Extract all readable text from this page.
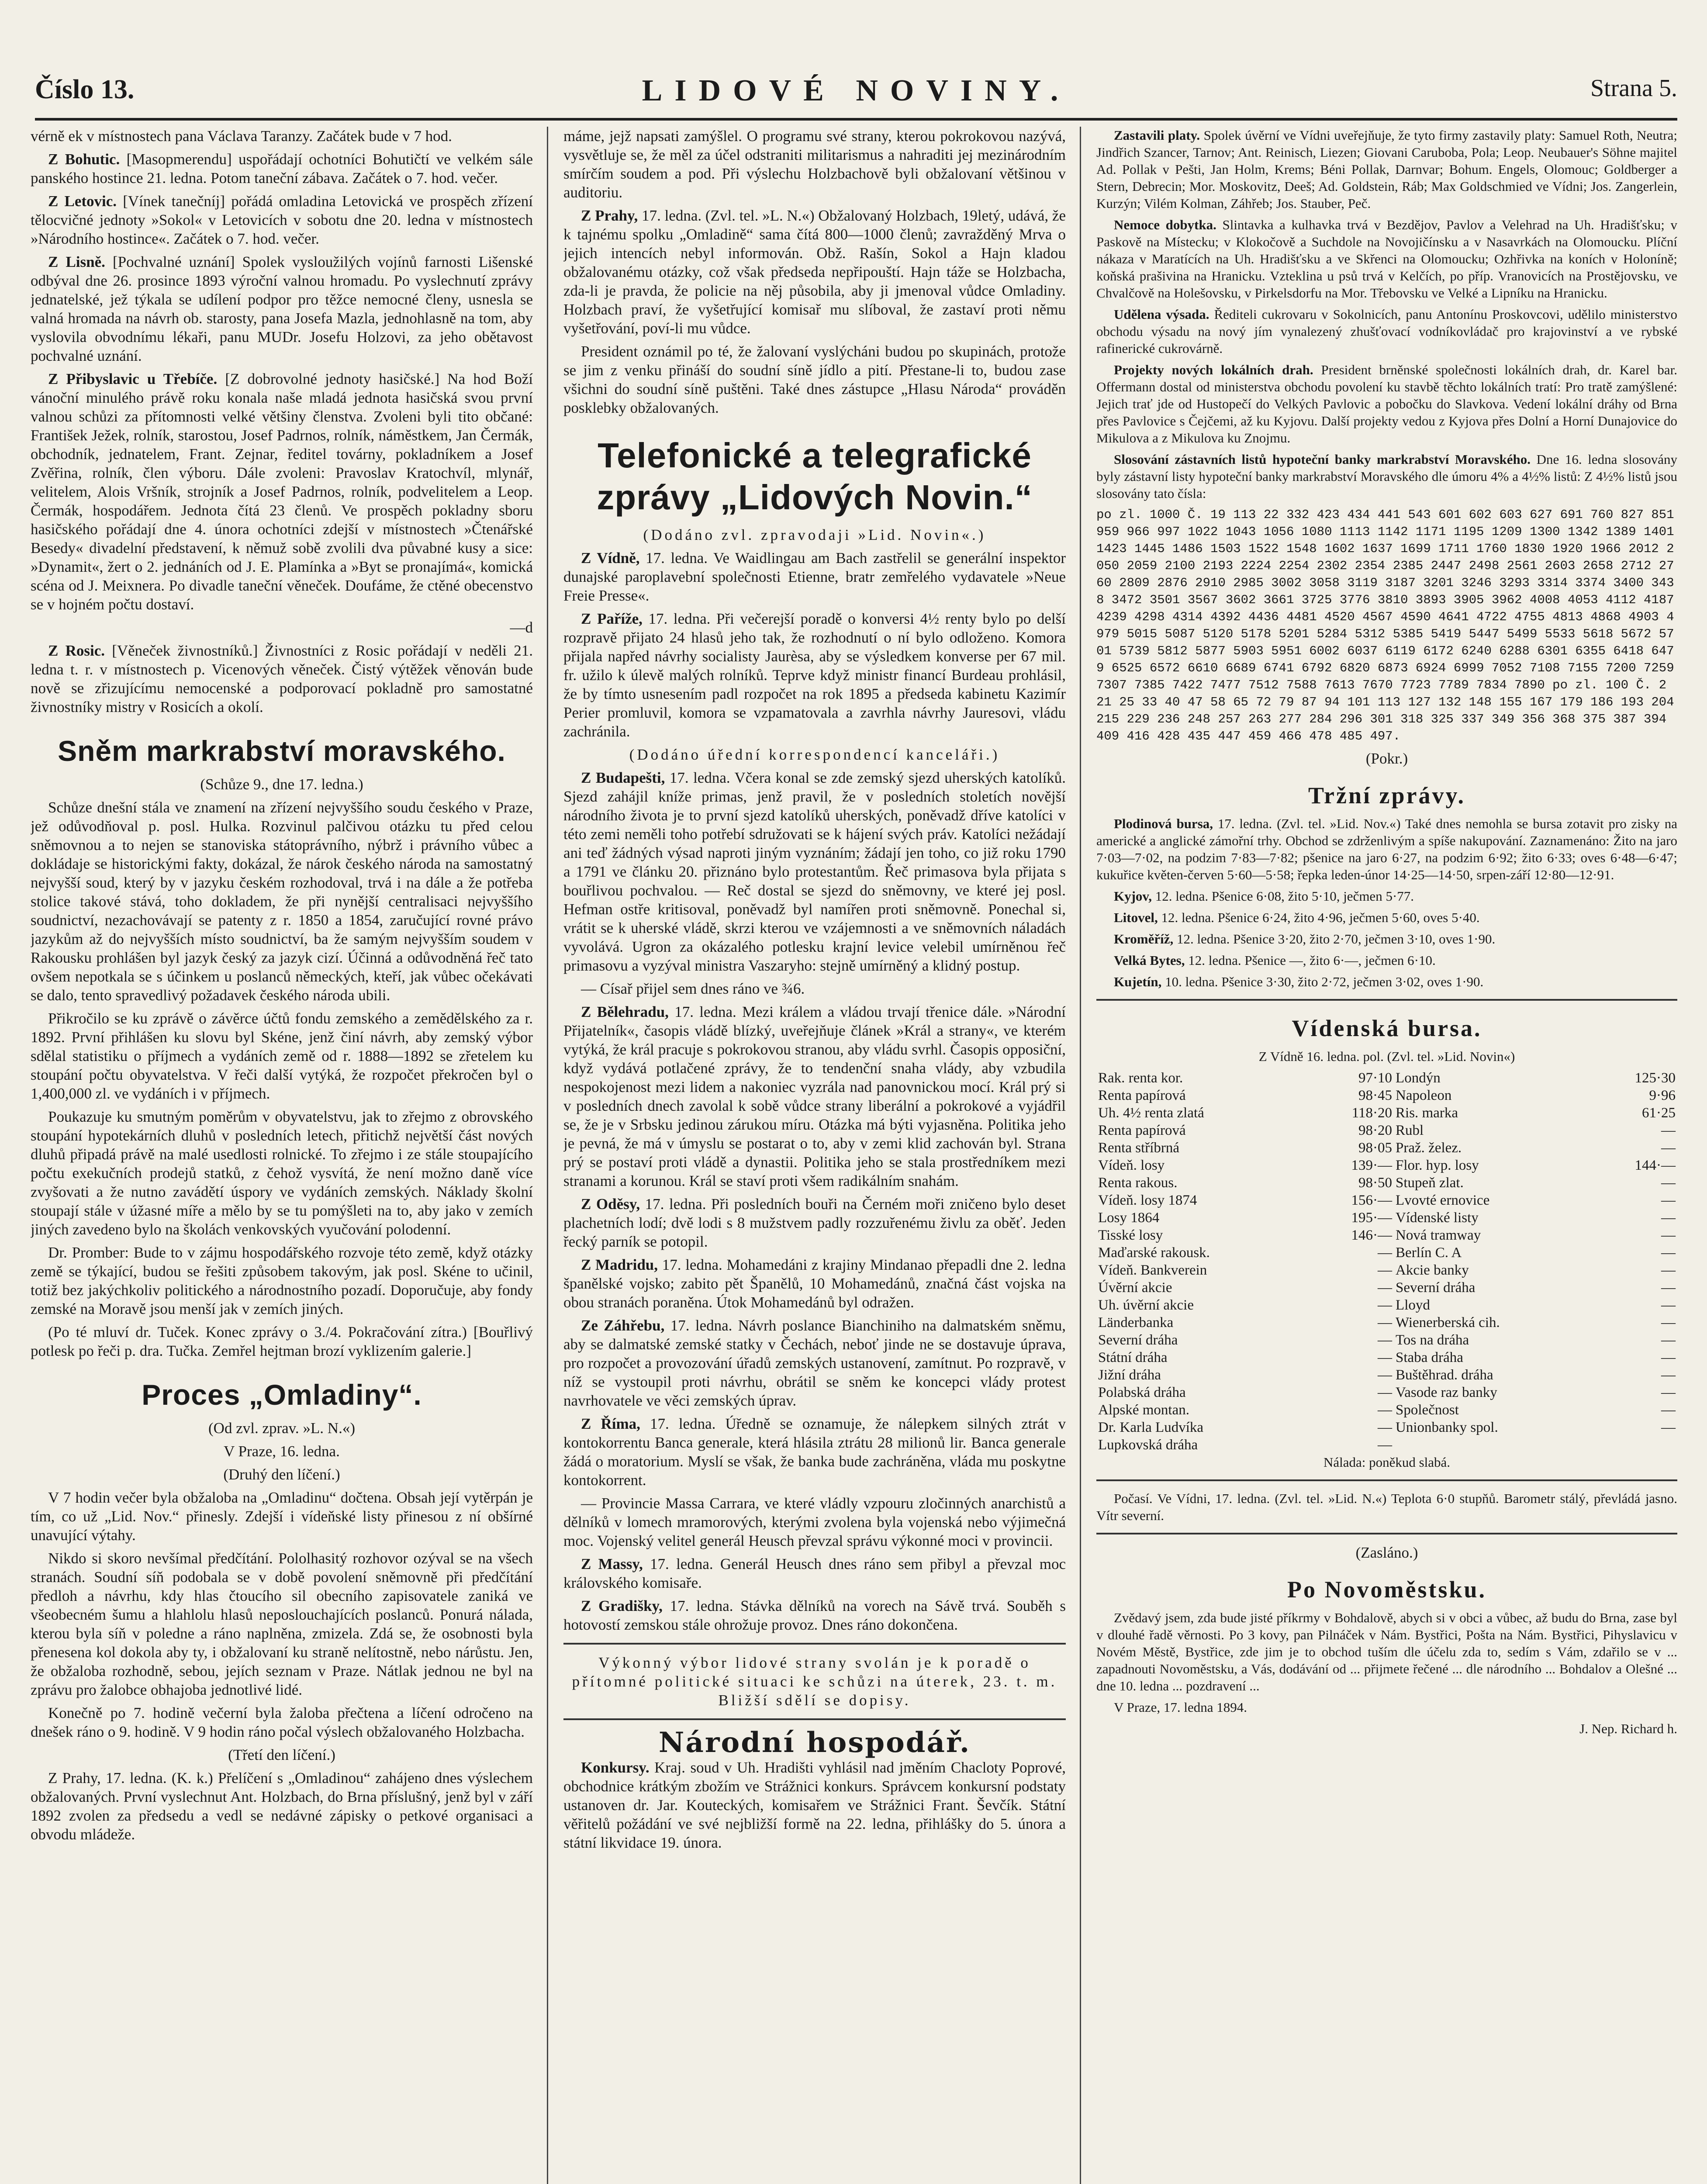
Číslo 13.	LIDOVÉ NOVINY.	Strana 5.

vérně ek v místnostech pana Václava Taranzy. Začátek bude v 7 hod.

Z Bohutic. [Masopmerendu] uspořádají ochotníci Bohutičtí ve velkém sále panského hostince 21. ledna. Potom taneční zábava. Začátek o 7. hod. večer.

Z Letovic. [Vínek tanečníj] pořádá omladina Letovická ve prospěch zřízení tělocvičné jednoty »Sokol« v Letovicích v sobotu dne 20. ledna v místnostech »Národního hostince«. Začátek o 7. hod. večer.

Z Lisně. [Pochvalné uznání] Spolek vysloužilých vojínů farnosti Lišenské odbýval dne 26. prosince 1893 výroční valnou hromadu. Po vyslechnutí zprávy jednatelské, jež týkala se udílení podpor pro těžce nemocné členy, usnesla se valná hromada na návrh ob. starosty, pana Josefa Mazla, jednohlasně na tom, aby vyslovila obvodnímu lékaři, panu MUDr. Josefu Holzovi, za jeho obětavost pochvalné uznání.

Z Přibyslavic u Třebíče. [Z dobrovolné jednoty hasičské.] Na hod Boží vánoční minulého právě roku konala naše mladá jednota hasičská svou první valnou schůzi za přítomnosti velké většiny členstva. Zvoleni byli tito občané: František Ježek, rolník, starostou, Josef Padrnos, rolník, náměstkem, Jan Čermák, obchodník, jednatelem, Frant. Zejnar, ředitel továrny, pokladníkem a Josef Zvěřina, rolník, člen výboru. Dále zvoleni: Pravoslav Kratochvíl, mlynář, velitelem, Alois Vršník, strojník a Josef Padrnos, rolník, podvelitelem a Leop. Čermák, hospodářem. Jednota čítá 23 členů. Ve prospěch pokladny sboru hasičského pořádají dne 4. února ochotníci zdejší v místnostech »Čtenářské Besedy« divadelní představení, k němuž sobě zvolili dva půvabné kusy a sice: »Dynamit«, žert o 2. jednáních od J. E. Plamínka a »Byt se pronajímá«, komická scéna od J. Meixnera. Po divadle taneční věneček. Doufáme, že ctěné obecenstvo se v hojném počtu dostaví.

—d

Z Rosic. [Věneček živnostníků.] Živnostníci z Rosic pořádají v neděli 21. ledna t. r. v místnostech p. Vicenových věneček. Čistý výtěžek věnován bude nově se zřizujícímu nemocenské a podporovací pokladně pro samostatné živnostníky mistry v Rosicích a okolí.

Sněm markrabství moravského.

(Schůze 9., dne 17. ledna.)

Schůze dnešní stála ve znamení na zřízení nejvyššího soudu českého v Praze, jež odůvodňoval p. posl. Hulka. Rozvinul palčivou otázku tu před celou sněmovnou a to nejen se stanoviska státoprávního, nýbrž i právního vůbec a dokládaje se historickými fakty, dokázal, že nárok českého národa na samostatný nejvyšší soud, který by v jazyku českém rozhodoval, trvá i na dále a že potřeba stolice takové stává, toho dokladem, že při nynější centralisaci nejvyššího soudnictví, nezachovávají se patenty z r. 1850 a 1854, zaručující rovné právo jazykům až do nejvyšších místo soudnictví, ba že samým nejvyšším soudem v Rakousku prohlášen byl jazyk český za jazyk cizí. Účinná a odůvodněná řeč tato ovšem nepotkala se s účinkem u poslanců německých, kteří, jak vůbec očekávati se dalo, tento spravedlivý požadavek českého národa ubili.

Přikročilo se ku zprávě o závěrce účtů fondu zemského a zemědělského za r. 1892. První přihlášen ku slovu byl Skéne, jenž činí návrh, aby zemský výbor sdělal statistiku o příjmech a vydáních země od r. 1888—1892 se zřetelem ku stoupání počtu obyvatelstva. V řeči další vytýká, že rozpočet překročen byl o 1,400,000 zl. ve vydáních i v příjmech.

Poukazuje ku smutným poměrům v obyvatelstvu, jak to zřejmo z obrovského stoupání hypotekárních dluhů v posledních letech, přitichž největší část nových dluhů připadá právě na malé usedlosti rolnické. To zřejmo i ze stále stoupajícího počtu exekučních prodejů statků, z čehož vysvítá, že není možno daně více zvyšovati a že nutno zavádětí úspory ve vydáních zemských. Náklady školní stoupají stále v úžasné míře a mělo by se tu pomýšleti na to, aby jako v zemích jiných zavedeno bylo na školách venkovských vyučování polodenní.

Dr. Promber: Bude to v zájmu hospodářského rozvoje této země, když otázky země se týkající, budou se řešiti způsobem takovým, jak posl. Skéne to učinil, totiž bez jakýchkoliv politického a národnostního pozadí. Doporučuje, aby fondy zemské na Moravě jsou menší jak v zemích jiných.

(Po té mluví dr. Tuček. Konec zprávy o 3./4. Pokračování zítra.) [Bouřlivý potlesk po řeči p. dra. Tučka. Zemřel hejtman brozí vyklizením galerie.]

Proces „Omladiny“.

(Od zvl. zprav. »L. N.«)

V Praze, 16. ledna.

(Druhý den líčení.)

V 7 hodin večer byla obžaloba na „Omladinu“ dočtena. Obsah její vytěrpán je tím, co už „Lid. Nov.“ přinesly. Zdejší i vídeňské listy přinesou z ní obšírné unavující výtahy.

Nikdo si skoro nevšímal předčítání. Pololhasitý rozhovor ozýval se na všech stranách. Soudní síň podobala se v době povolení sněmovně při předčítání předloh a návrhu, kdy hlas čtoucího sil obecního zapisovatele zaniká ve všeobecném šumu a hlahlolu hlasů neposlouchajících poslanců. Ponurá nálada, kterou byla síň v poledne a ráno naplněna, zmizela. Zdá se, že osobnosti byla přenesena kol dokola aby ty, i obžalovaní ku straně nelítostně, nebo nárůstu. Jen, že obžaloba rozhodně, sebou, jejích seznam v Praze. Nátlak jednou ne byl na zprávu pro žalobce obhajoba jednotlivé lidé.

Konečně po 7. hodině večerní byla žaloba přečtena a líčení odročeno na dnešek ráno o 9. hodině. V 9 hodin ráno počal výslech obžalovaného Holzbacha.

(Třetí den líčení.)

Z Prahy, 17. ledna. (K. k.) Přelíčení s „Omladinou“ zahájeno dnes výslechem obžalovaných. První vyslechnut Ant. Holzbach, do Brna příslušný, jenž byl v září 1892 zvolen za předsedu a vedl se nedávné zápisky o petkové organisaci a obvodu mládeže.

máme, jejž napsati zamýšlel. O programu své strany, kterou pokrokovou nazývá, vysvětluje se, že měl za účel odstraniti militarismus a nahraditi jej mezinárodním smírčím soudem a pod. Při výslechu Holzbachově byli obžalovaní většinou v auditoriu.

Z Prahy, 17. ledna. (Zvl. tel. »L. N.«) Obžalovaný Holzbach, 19letý, udává, že k tajnému spolku „Omladině“ sama čítá 800—1000 členů; zavražděný Mrva o jejich intencích nebyl informován. Obž. Rašín, Sokol a Hajn kladou obžalovanému otázky, což však předseda nepřipouští. Hajn táže se Holzbacha, zda-li je pravda, že policie na něj působila, aby ji jmenoval vůdce Omladiny. Holzbach praví, že vyšetřující komisař mu slíboval, že zastaví proti němu vyšetřování, poví-li mu vůdce.

President oznámil po té, že žalovaní vyslýcháni budou po skupinách, protože se jim z venku přináší do soudní síně jídlo a pití. Přestane-li to, budou zase všichni do soudní síně puštěni. Také dnes zástupce „Hlasu Národa“ prováděn posklebky obžalovaných.

Telefonické a telegrafické zprávy „Lidových Novin.“

(Dodáno zvl. zpravodaji »Lid. Novin«.)

Z Vídně, 17. ledna. Ve Waidlingau am Bach zastřelil se generální inspektor dunajské paroplavební společnosti Etienne, bratr zemřelého vydavatele »Neue Freie Presse«.

Z Paříže, 17. ledna. Při večerejší poradě o konversi 4½ renty bylo po delší rozpravě přijato 24 hlasů jeho tak, že rozhodnutí o ní bylo odloženo. Komora přijala napřed návrhy socialisty Jaurèsa, aby se výsledkem konverse per 67 mil. fr. užilo k úlevě malých rolníků. Teprve když ministr financí Burdeau prohlásil, že by tímto usnesením padl rozpočet na rok 1895 a předseda kabinetu Kazimír Perier promluvil, komora se vzpamatovala a zavrhla návrhy Jauresovi, vládu zachránila.

(Dodáno úřední korrespondencí kanceláři.)

Z Budapešti, 17. ledna. Včera konal se zde zemský sjezd uherských katolíků. Sjezd zahájil kníže primas, jenž pravil, že v posledních stoletích novější národního života je to první sjezd katolíků uherských, poněvadž dříve katolíci v této zemi neměli toho potřebí sdružovati se k hájení svých práv. Katolíci nežádají ani teď žádných výsad naproti jiným vyznáním; žádají jen toho, co již roku 1790 a 1791 ve článku 20. přiznáno bylo protestantům. Řeč primasova byla přijata s bouřlivou pochvalou. — Reč dostal se sjezd do sněmovny, ve které jej posl. Hefman ostře kritisoval, poněvadž byl namířen proti sněmovně. Ponechal si, vrátit se k uherské vládě, skrzi kterou ve vzájemnosti a ve sněmovních náladách vyvolává. Ugron za okázalého potlesku krajní levice velebil umírněnou řeč primasovu a vyzýval ministra Vaszaryho: stejně umírněný a klidný postup.

— Císař přijel sem dnes ráno ve ¾6.

Z Bělehradu, 17. ledna. Mezi králem a vládou trvají třenice dále. »Národní Přijatelník«, časopis vládě blízký, uveřejňuje článek »Král a strany«, ve kterém vytýká, že král pracuje s pokrokovou stranou, aby vládu svrhl. Časopis opposiční, když vydává potlačené zprávy, že to tendenční snaha vlády, aby vzbudila nespokojenost mezi lidem a nakoniec vyzrála nad panovnickou mocí. Král prý si v posledních dnech zavolal k sobě vůdce strany liberální a pokrokové a vyjádřil se, že je v Srbsku jedinou zárukou míru. Otázka má býti vyjasněna. Politika jeho je pevná, že má v úmyslu se postarat o to, aby v zemi klid zachován byl. Strana prý se postaví proti vládě a dynastii. Politika jeho se stala prostředníkem mezi stranami a korunou. Král se staví proti všem radikálním snahám.

Z Oděsy, 17. ledna. Při posledních bouři na Černém moři zničeno bylo deset plachetních lodí; dvě lodi s 8 mužstvem padly rozzuřenému živlu za oběť. Jeden řecký parník se potopil.

Z Madridu, 17. ledna. Mohamedáni z krajiny Mindanao přepadli dne 2. ledna španělské vojsko; zabito pět Španělů, 10 Mohamedánů, značná část vojska na obou stranách poraněna. Útok Mohamedánů byl odražen.

Ze Záhřebu, 17. ledna. Návrh poslance Bianchiniho na dalmatském sněmu, aby se dalmatské zemské statky v Čechách, neboť jinde ne se dostavuje úprava, pro rozpočet a provozování úřadů zemských ustanovení, zamítnut. Po rozpravě, v níž se vystoupil proti návrhu, obrátil se sněm ke koncepci vlády protest navrhovatele ve věci zemských úprav.

Z Říma, 17. ledna. Úředně se oznamuje, že nálepkem silných ztrát v kontokorrentu Banca generale, která hlásila ztrátu 28 milionů lir. Banca generale žádá o moratorium. Myslí se však, že banka bude zachráněna, vláda mu poskytne kontokorrent.

— Provincie Massa Carrara, ve které vládly vzpouru zločinných anarchistů a dělníků v lomech mramorových, kterými zvolena byla vojenská nebo výjimečná moc. Vojenský velitel generál Heusch převzal správu výkonné moci v provincii.

Z Massy, 17. ledna. Generál Heusch dnes ráno sem přibyl a převzal moc královského komisaře.

Z Gradišky, 17. ledna. Stávka dělníků na vorech na Sávě trvá. Souběh s hotovostí zemskou stále ohrožuje provoz. Dnes ráno dokončena.

Výkonný výbor lidové strany svolán je k poradě o přítomné politické situaci ke schůzi na úterek, 23. t. m. Bližší sdělí se dopisy.

Národní hospodář.

Konkursy. Kraj. soud v Uh. Hradišti vyhlásil nad jměním Chacloty Poprové, obchodnice krátkým zbožím ve Strážnici konkurs. Správcem konkursní podstaty ustanoven dr. Jar. Kouteckých, komisařem ve Strážnici Frant. Ševčík. Státní věřitelů požádání ve své nejbližší formě na 22. ledna, přihlášky do 5. února a státní likvidace 19. února.

Zastavili platy. Spolek úvěrní ve Vídni uveřejňuje, že tyto firmy zastavily platy: Samuel Roth, Neutra; Jindřich Szancer, Tarnov; Ant. Reinisch, Liezen; Giovani Caruboba, Pola; Leop. Neubauer's Söhne majitel Ad. Pollak v Pešti, Jan Holm, Krems; Béni Pollak, Darnvar; Bohum. Engels, Olomouc; Goldberger a Stern, Debrecin; Mor. Moskovitz, Deeš; Ad. Goldstein, Ráb; Max Goldschmied ve Vídni; Jos. Zangerlein, Kurzýn; Vilém Kolman, Záhřeb; Jos. Stauber, Peč.

Nemoce dobytka. Slintavka a kulhavka trvá v Bezdějov, Pavlov a Velehrad na Uh. Hradišťsku; v Paskově na Místecku; v Klokočově a Suchdole na Novojičínsku a v Nasavrkách na Olomoucku. Plíční nákaza v Maratících na Uh. Hradišťsku a ve Skřenci na Olomoucku; Ozhřivka na koních v Holoníně; koňská prašivina na Hranicku. Vzteklina u psů trvá v Kelčích, po příp. Vranovicích na Prostějovsku, ve Chvalčově na Holešovsku, v Pirkelsdorfu na Mor. Třebovsku ve Velké a Lipníku na Hranicku.

Udělena výsada. Řediteli cukrovaru v Sokolnicích, panu Antonínu Proskovcovi, udělilo ministerstvo obchodu výsadu na nový jím vynalezený zhušťovací vodníkovládač pro krajovinství a ve rybské rafinerické cukrovárně.

Projekty nových lokálních drah. President brněnské společnosti lokálních drah, dr. Karel bar. Offermann dostal od ministerstva obchodu povolení ku stavbě těchto lokálních tratí: Pro tratě zamýšlené: Jejich trať jde od Hustopečí do Velkých Pavlovic a pobočku do Slavkova. Vedení lokální dráhy od Brna přes Pavlovice s Čejčemi, až ku Kyjovu. Další projekty vedou z Kyjova přes Dolní a Horní Dunajovice do Mikulova a z Mikulova ku Znojmu.

Slosování zástavních listů hypoteční banky markrabství Moravského. Dne 16. ledna slosovány byly zástavní listy hypoteční banky markrabství Moravského dle úmoru 4% a 4½% listů: Z 4½% listů jsou slosovány tato čísla:

po zl. 1000 Č. 19 113 22 332 423 434 441 543 601 602 603 627 691 760 827 851 959 966 997 1022 1043 1056 1080 1113 1142 1171 1195 1209 1300 1342 1389 1401 1423 1445 1486 1503 1522 1548 1602 1637 1699 1711 1760 1830 1920 1966 2012 2050 2059 2100 2193 2224 2254 2302 2354 2385 2447 2498 2561 2603 2658 2712 2760 2809 2876 2910 2985 3002 3058 3119 3187 3201 3246 3293 3314 3374 3400 3438 3472 3501 3567 3602 3661 3725 3776 3810 3893 3905 3962 4008 4053 4112 4187 4239 4298 4314 4392 4436 4481 4520 4567 4590 4641 4722 4755 4813 4868 4903 4979 5015 5087 5120 5178 5201 5284 5312 5385 5419 5447 5499 5533 5618 5672 5701 5739 5812 5877 5903 5951 6002 6037 6119 6172 6240 6288 6301 6355 6418 6479 6525 6572 6610 6689 6741 6792 6820 6873 6924 6999 7052 7108 7155 7200 7259 7307 7385 7422 7477 7512 7588 7613 7670 7723 7789 7834 7890 po zl. 100 Č. 2 21 25 33 40 47 58 65 72 79 87 94 101 113 127 132 148 155 167 179 186 193 204 215 229 236 248 257 263 277 284 296 301 318 325 337 349 356 368 375 387 394 409 416 428 435 447 459 466 478 485 497.

(Pokr.)

Tržní zprávy.

Plodinová bursa, 17. ledna. (Zvl. tel. »Lid. Nov.«) Také dnes nemohla se bursa zotavit pro zisky na americké a anglické zámořní trhy. Obchod se zdrženlivým a spíše nakupování. Zaznamenáno: Žito na jaro 7·03—7·02, na podzim 7·83—7·82; pšenice na jaro 6·27, na podzim 6·92; žito 6·33; oves 6·48—6·47; kukuřice květen-červen 5·60—5·58; řepka leden-únor 14·25—14·50, srpen-září 12·80—12·91.

Kyjov, 12. ledna. Pšenice 6·08, žito 5·10, ječmen 5·77.

Litovel, 12. ledna. Pšenice 6·24, žito 4·96, ječmen 5·60, oves 5·40.

Kroměříž, 12. ledna. Pšenice 3·20, žito 2·70, ječmen 3·10, oves 1·90.

Velká Bytes, 12. ledna. Pšenice —, žito 6·—, ječmen 6·10.

Kujetín, 10. ledna. Pšenice 3·30, žito 2·72, ječmen 3·02, oves 1·90.

Vídenská bursa.

Z Vídně 16. ledna. pol. (Zvl. tel. »Lid. Novin«)

Rak. renta kor.	97·10	Londýn	125·30
Renta papírová	98·45	Napoleon	9·96
Uh. 4½ renta zlatá	118·20	Ris. marka	61·25
Renta papírová	98·20	Rubl	—
Renta stříbrná	98·05	Praž. želez.	—
Vídeň. losy	139·—	Flor. hyp. losy	144·—
Renta rakous.	98·50	Stupeň zlat.	—
Vídeň. losy 1874	156·—	Lvovté ernovice	—
Losy 1864	195·—	Vídenské listy	—
Tisské losy	146·—	Nová tramway	—
Maďarské rakousk.	—	Berlín C. A	—
Vídeň. Bankverein	—	Akcie banky	—
Úvěrní akcie	—	Severní dráha	—
Uh. úvěrní akcie	—	Lloyd	—
Länderbanka	—	Wienerberská cih.	—
Severní dráha	—	Tos na dráha	—
Státní dráha	—	Staba dráha	—
Jižní dráha	—	Buštěhrad. dráha	—
Polabská dráha	—	Vasode raz banky	—
Alpské montan.	—	Společnost	—
Dr. Karla Ludvíka	—	Unionbanky spol.	—
Lupkovská dráha	—		

Nálada: poněkud slabá.

Počasí. Ve Vídni, 17. ledna. (Zvl. tel. »Lid. N.«) Teplota 6·0 stupňů. Barometr stálý, převládá jasno. Vítr severní.

(Zasláno.)

Po Novoměstsku.

Zvědavý jsem, zda bude jisté příkrmy v Bohdalově, abych si v obci a vůbec, až budu do Brna, zase byl v dlouhé řadě věrnosti. Po 3 kovy, pan Pilnáček v Nám. Bystřici, Pošta na Nám. Bystřici, Pihyslavicu v Novém Městě, Bystřice, zde jim je to obchod tuším dle účelu zda to, sedím s Vám, zdařilo se v ... zapadnouti Novoměstsku, a Vás, dodávání od ... přijmete řečené ... dle národního ... Bohdalov a Olešné ... dne 10. ledna ... pozdravení ...

V Praze, 17. ledna 1894.

J. Nep. Richard h.
